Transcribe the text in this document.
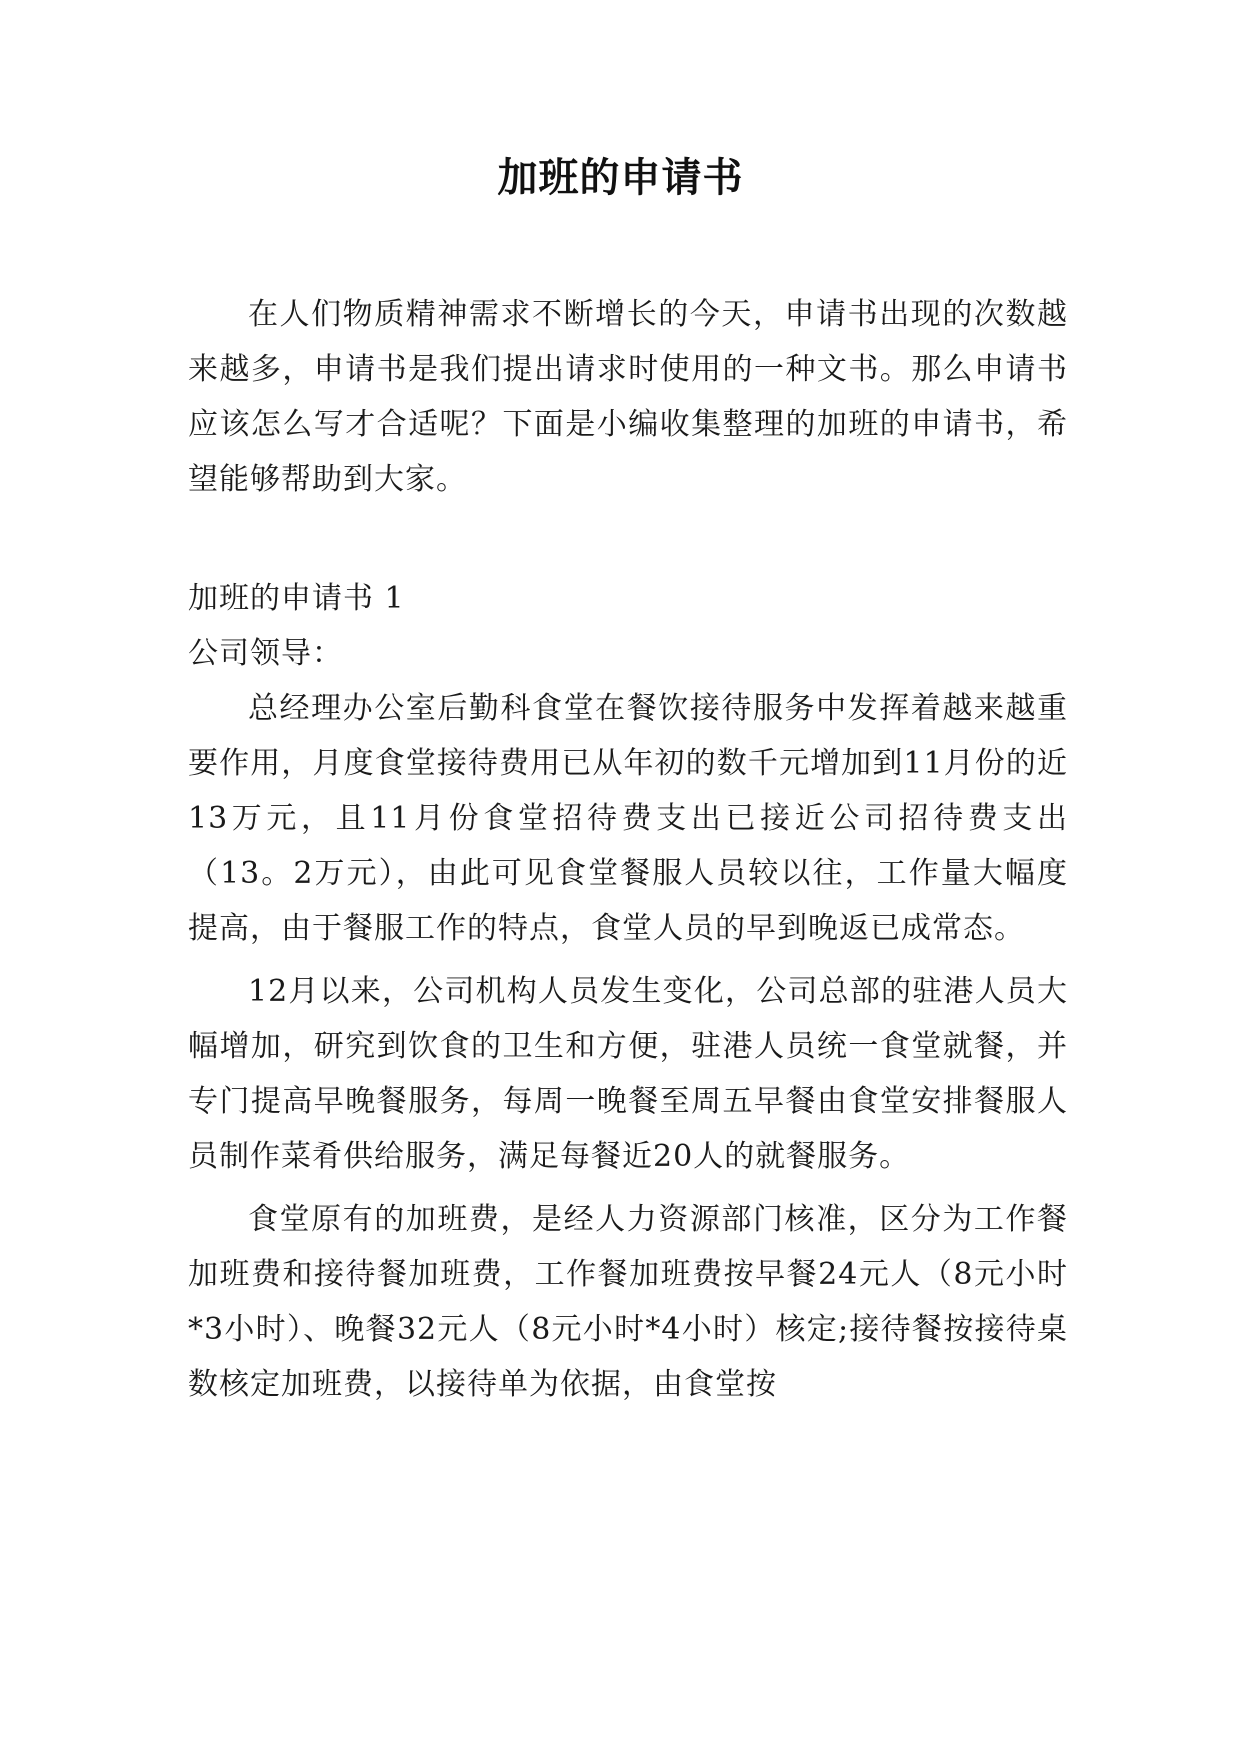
加班的申请书

在人们物质精神需求不断增长的今天，申请书出现的次数越来越多，申请书是我们提出请求时使用的一种文书。那么申请书应该怎么写才合适呢？下面是小编收集整理的加班的申请书，希望能够帮助到大家。

加班的申请书 1

公司领导：

总经理办公室后勤科食堂在餐饮接待服务中发挥着越来越重要作用，月度食堂接待费用已从年初的数千元增加到11月份的近13万元，且11月份食堂招待费支出已接近公司招待费支出（13。2万元），由此可见食堂餐服人员较以往，工作量大幅度提高，由于餐服工作的特点，食堂人员的早到晚返已成常态。

12月以来，公司机构人员发生变化，公司总部的驻港人员大幅增加，研究到饮食的卫生和方便，驻港人员统一食堂就餐，并专门提高早晚餐服务，每周一晚餐至周五早餐由食堂安排餐服人员制作菜肴供给服务，满足每餐近20人的就餐服务。

食堂原有的加班费，是经人力资源部门核准，区分为工作餐加班费和接待餐加班费，工作餐加班费按早餐24元人（8元小时*3小时）、晚餐32元人（8元小时*4小时）核定;接待餐按接待桌数核定加班费，以接待单为依据，由食堂按
